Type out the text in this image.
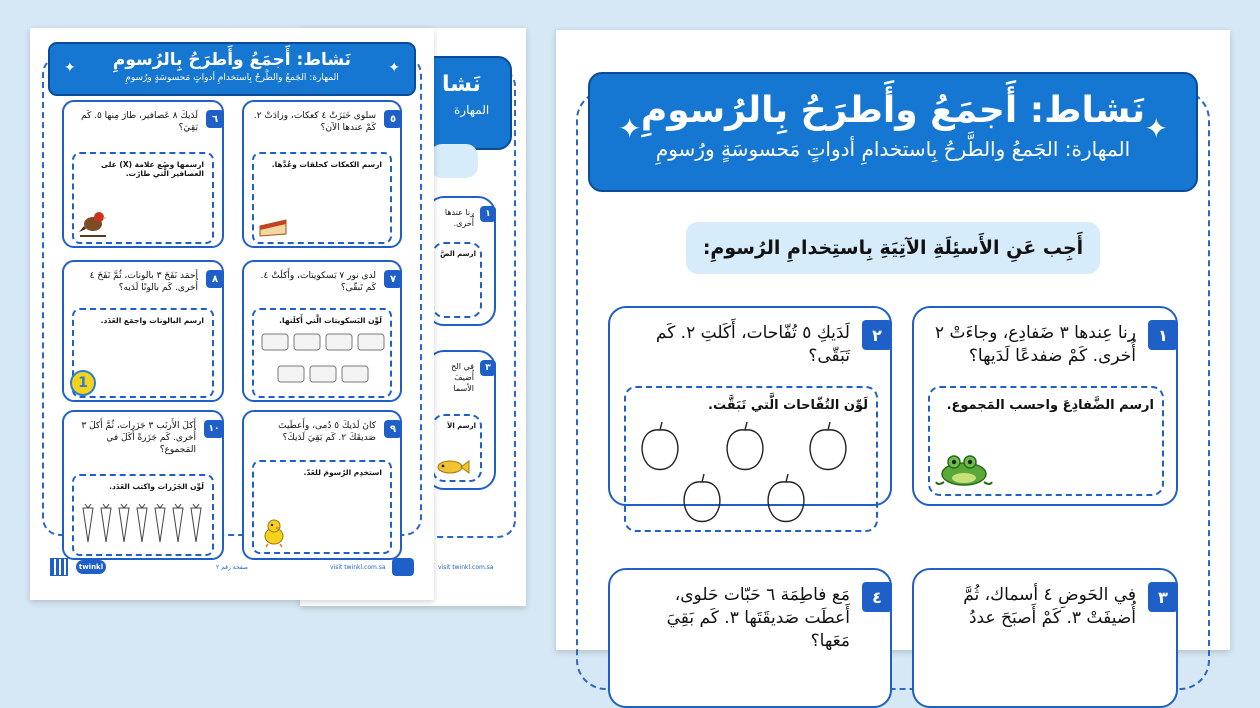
✦
✦ نَشاط: أَجمَعُ وأَطرَحُ بِالرُسومِ
المهارة: الجَمعُ والطَّرحُ بِاستخدامِ أدواتٍ مَحسوسَةٍ ورُسومِ
أَجِب عَنِ الأَسئِلَةِ الآتِيَةِ بِاستِخدامِ الرُسومِ:
١
رنا عِندها ٣ ضَفادِع، وجاءَتْ ٢ أُخرى. كَمْ ضفدعًا لَدَيها؟
ارسم الضَّفادِعَ واحسب المَجموع.
٢
لَدَيكِ ٥ تُفّاحات، أَكَلتِ ٢. كَم تَبَقّى؟
لَوِّن التُفّاحات الَّتي تَبَقَّت.
٣
في الحَوضِ ٤ أسماك، ثُمَّ أُضيفَتْ ٣. كَمْ أَصبَحَ عددُ
٤
مَع فاطِمَة ٦ حَبّات حَلوى، أَعطَت صَديقَتَها ٣. كَم بَقِيَ مَعَها؟
نَشا
المهارة
١
رنا عندها
أُخرى.
ارسم الضَّ
٣
في الح
أُضيفَ
الأسما
ارسم الأ
visit twinkl.com.sa
✦
✦	نَشاط: أَجمَعُ وأَطرَحُ بِالرُسومِ
المهارة: الجَمعُ والطَّرحُ بِاستخدامِ أدواتٍ مَحسوسَةٍ ورُسومِ
٦
لَدَيكَ ٨ عَصافير، طارَ مِنها ٥. كَم بَقِيَ؟
ارسمها وضَع علامة (X) على العصافير الَّتي طارَت.
٥
سلوى خَبَزَتْ ٤ كعكات، وزادَتْ ٢. كَمْ عندها الآن؟
ارسم الكعكات كحلقات وعُدَّها.
٨
أحمَد نَفَخَ ٣ بالونات، ثُمَّ نَفَخَ ٤ أُخرى. كَم بالونًا لَدَيه؟
ارسم البالونات واجمَع العَدَد.
1
٧
لدى نور ٧ بَسكويتات، وأَكلَتْ ٤. كَم تَبقّى؟
لَوِّن البَسكويتات الَّتي أَكلَتها.
١٠
أَكلَ الأَرنَب ٣ جَزَرات، ثُمَّ أَكلَ ٣ أُخرى. كَم جَزَرةً أَكَلَ في المَجموع؟
لَوِّن الجَزَرات واكتب العَدَد.
٩
كانَ لَدَيكَ ٥ دُمى، وأَعطَيتَ صَديقَكَ ٢. كَم بَقِيَ لَدَيكَ؟
استخدِم الرُسومَ للعَدّ.
twinkl	صفحة رقم ٢	visit twinkl.com.sa
